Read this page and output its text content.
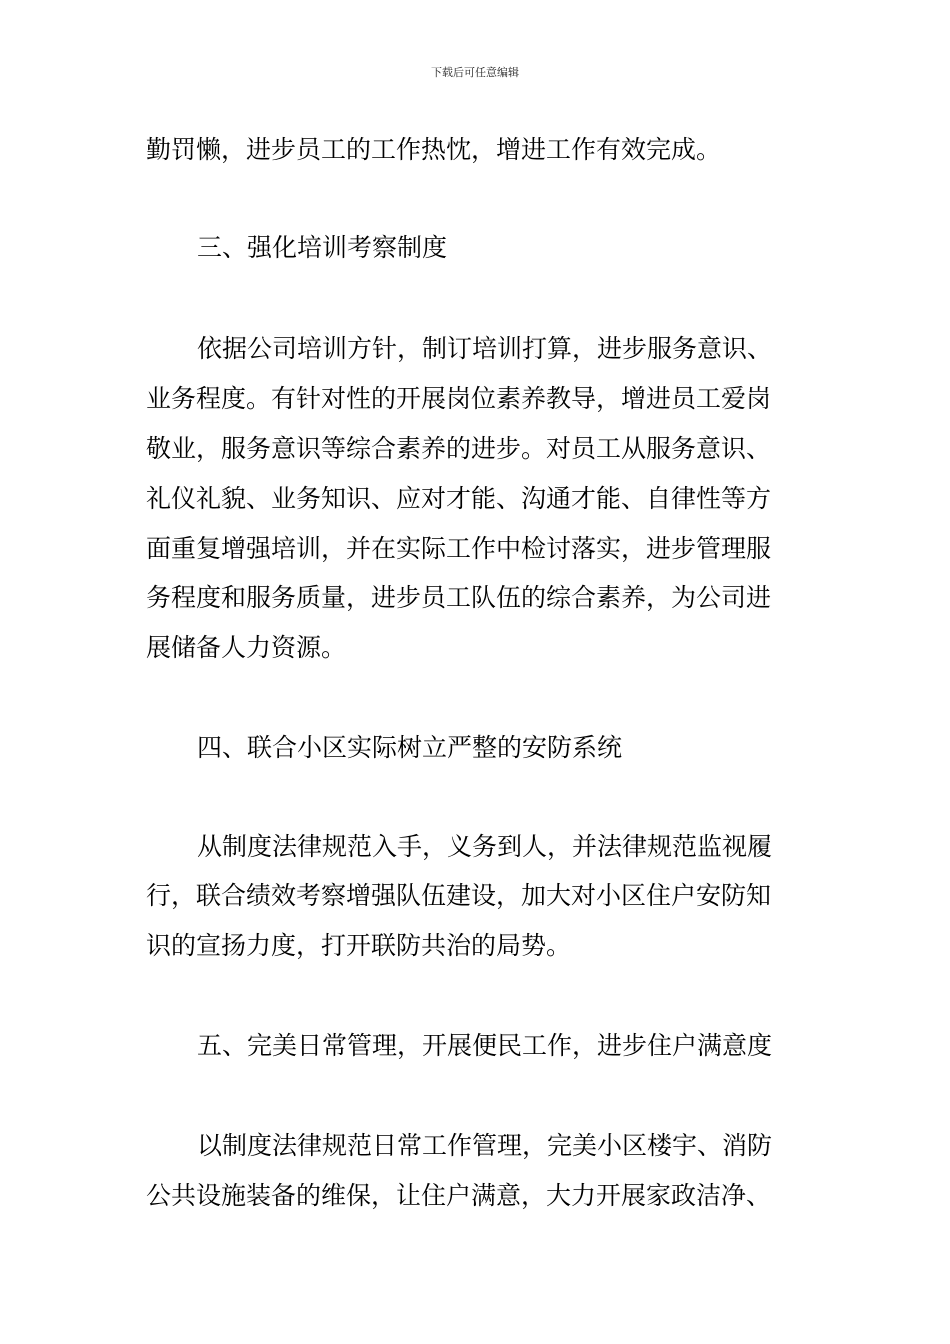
下载后可任意编辑
勤罚懒，进步员工的工作热忱，增进工作有效完成。
三、强化培训考察制度
依据公司培训方针，制订培训打算，进步服务意识、
业务程度。有针对性的开展岗位素养教导，增进员工爱岗
敬业，服务意识等综合素养的进步。对员工从服务意识、
礼仪礼貌、业务知识、应对才能、沟通才能、自律性等方
面重复增强培训，并在实际工作中检讨落实，进步管理服
务程度和服务质量，进步员工队伍的综合素养，为公司进
展储备人力资源。
四、联合小区实际树立严整的安防系统
从制度法律规范入手，义务到人，并法律规范监视履
行，联合绩效考察增强队伍建设，加大对小区住户安防知
识的宣扬力度，打开联防共治的局势。
五、完美日常管理，开展便民工作，进步住户满意度
以制度法律规范日常工作管理，完美小区楼宇、消防
公共设施装备的维保，让住户满意，大力开展家政洁净、
